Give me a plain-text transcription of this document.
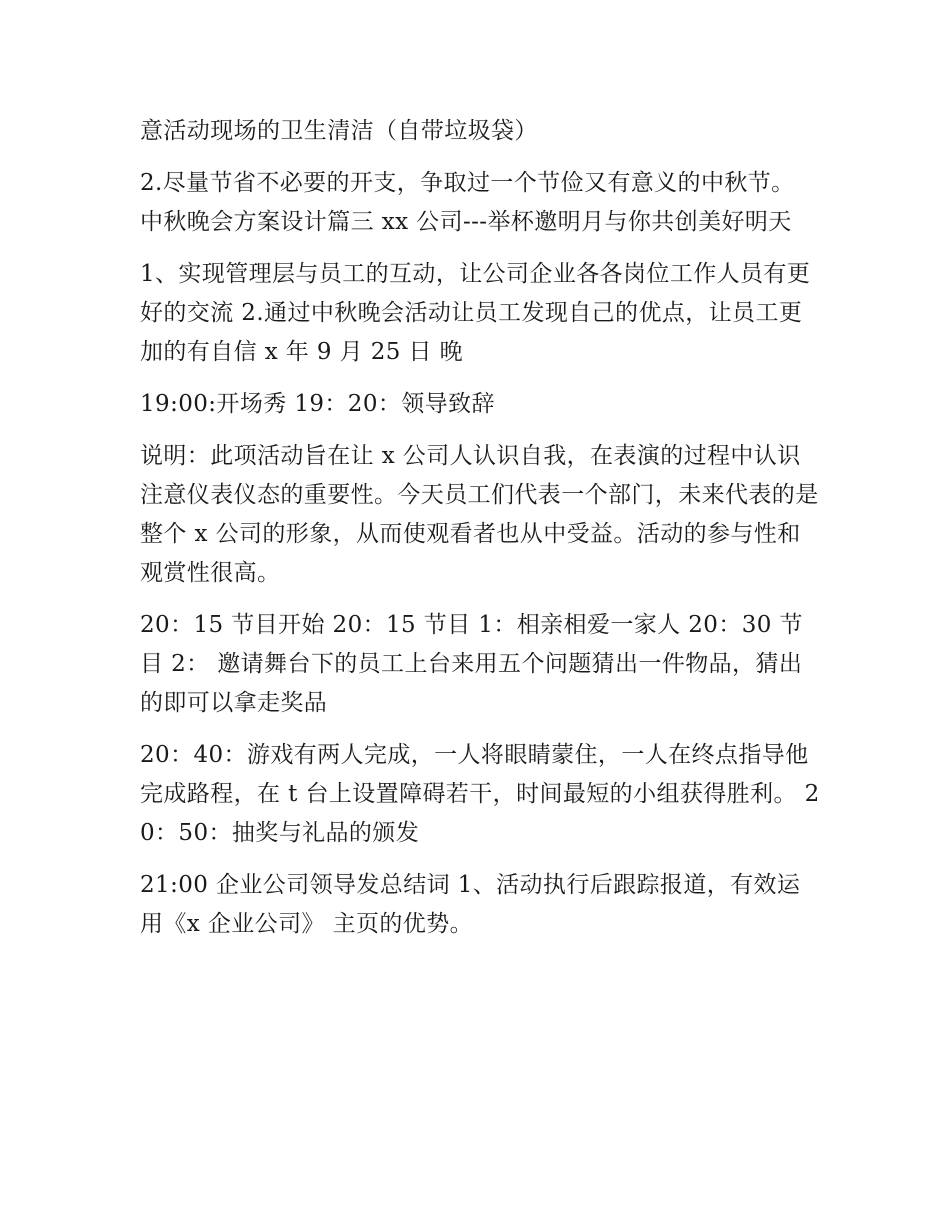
意活动现场的卫生清洁（自带垃圾袋）

2.尽量节省不必要的开支，争取过一个节俭又有意义的中秋节。 中秋晚会方案设计篇三 xx 公司---举杯邀明月与你共创美好明天

1、实现管理层与员工的互动，让公司企业各各岗位工作人员有更好的交流 2.通过中秋晚会活动让员工发现自己的优点，让员工更加的有自信 x 年 9 月 25 日 晚

19:00:开场秀 19：20：领导致辞

说明：此项活动旨在让 x 公司人认识自我，在表演的过程中认识注意仪表仪态的重要性。今天员工们代表一个部门，未来代表的是整个 x 公司的形象，从而使观看者也从中受益。活动的参与性和观赏性很高。

20：15 节目开始 20：15 节目 1：相亲相爱一家人 20：30 节目 2： 邀请舞台下的员工上台来用五个问题猜出一件物品，猜出的即可以拿走奖品

20：40：游戏有两人完成，一人将眼睛蒙住，一人在终点指导他完成路程，在 t 台上设置障碍若干，时间最短的小组获得胜利。 20：50：抽奖与礼品的颁发

21:00 企业公司领导发总结词 1、活动执行后跟踪报道，有效运用《x 企业公司》 主页的优势。
